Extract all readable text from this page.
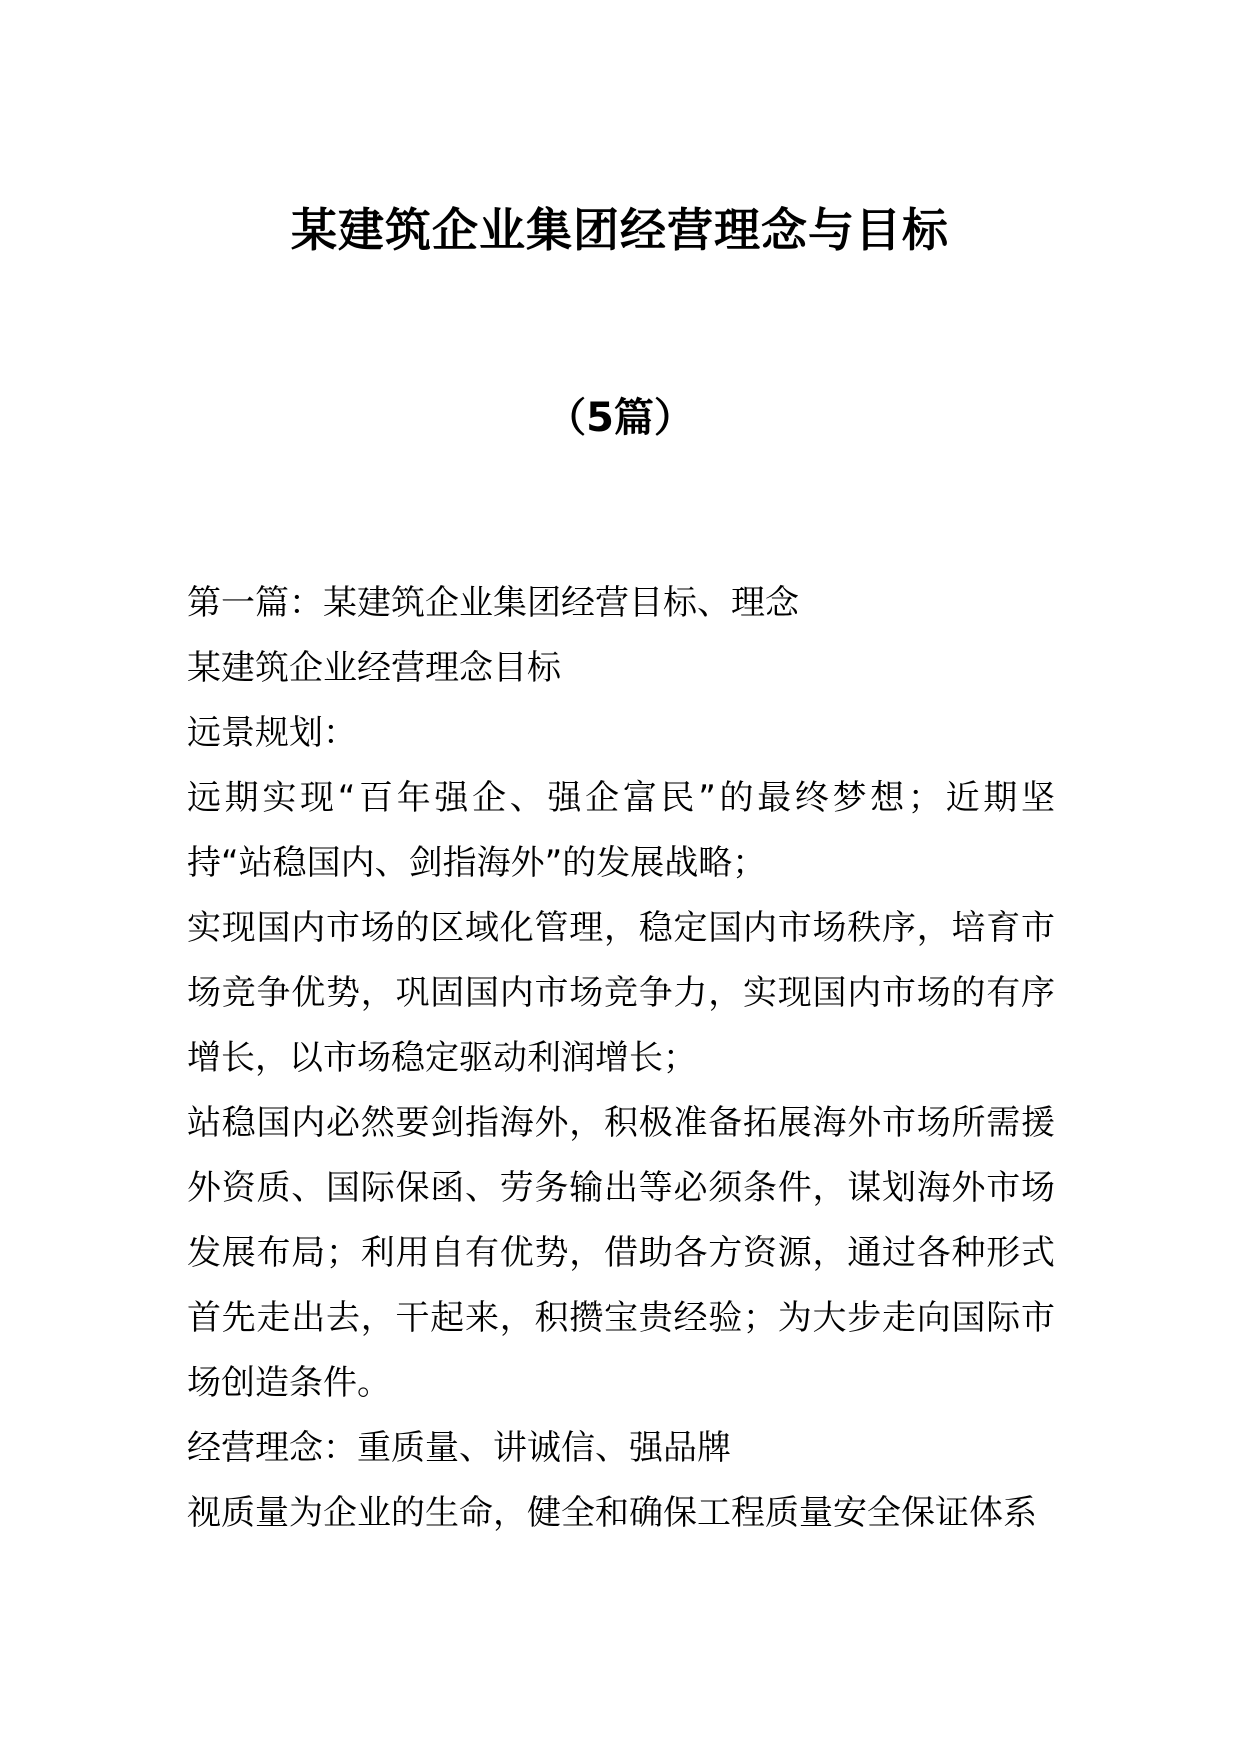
某建筑企业集团经营理念与目标
（5篇）

第一篇：某建筑企业集团经营目标、理念

某建筑企业经营理念目标

远景规划：

远期实现“百年强企、强企富民”的最终梦想；近期坚持“站稳国内、剑指海外”的发展战略；

实现国内市场的区域化管理，稳定国内市场秩序，培育市场竞争优势，巩固国内市场竞争力，实现国内市场的有序增长，以市场稳定驱动利润增长；

站稳国内必然要剑指海外，积极准备拓展海外市场所需援外资质、国际保函、劳务输出等必须条件，谋划海外市场发展布局；利用自有优势，借助各方资源，通过各种形式首先走出去，干起来，积攒宝贵经验；为大步走向国际市场创造条件。

经营理念：重质量、讲诚信、强品牌

视质量为企业的生命，健全和确保工程质量安全保证体系
